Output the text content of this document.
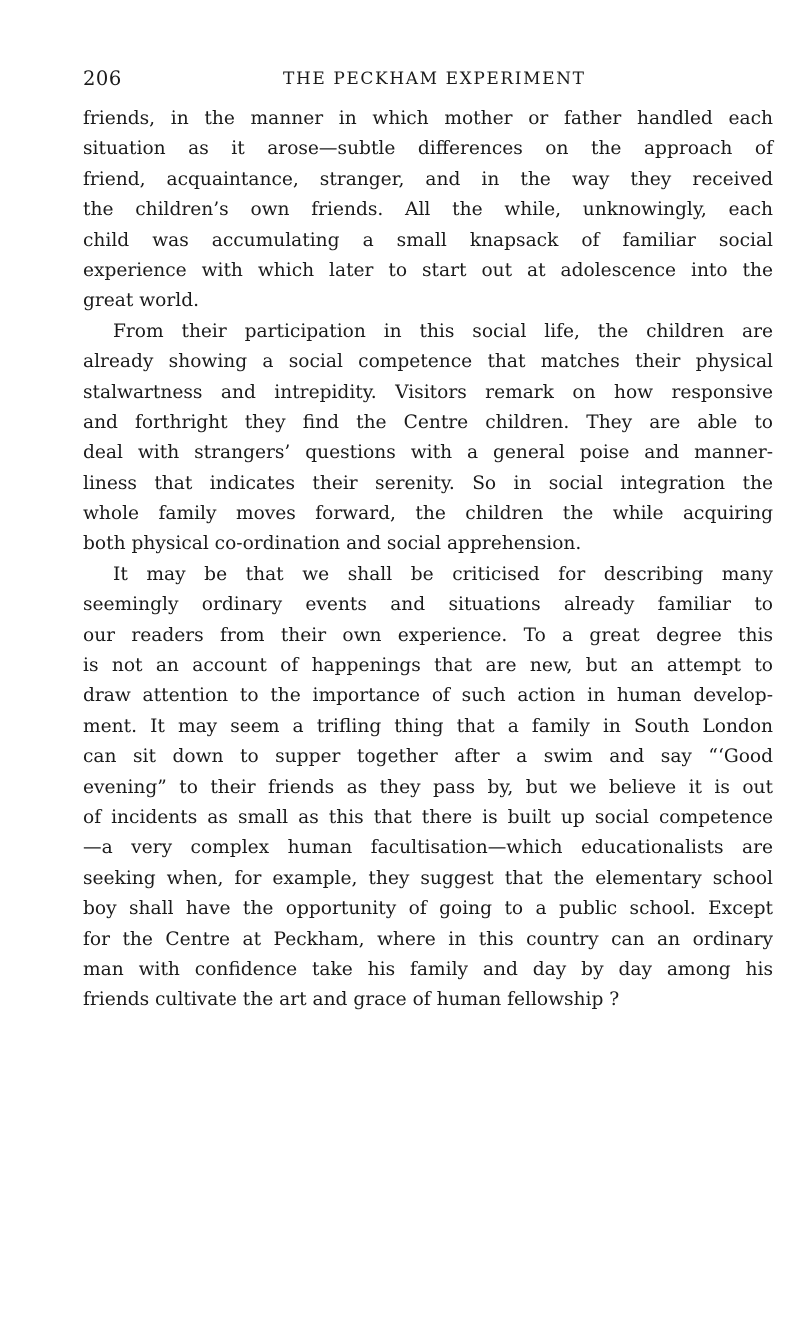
206	THE PECKHAM EXPERIMENT
friends, in the manner in which mother or father handled each
situation as it arose—subtle differences on the approach of
friend, acquaintance, stranger, and in the way they received
the children’s own friends. All the while, unknowingly, each
child was accumulating a small knapsack of familiar social
experience with which later to start out at adolescence into the
great world.
From their participation in this social life, the children are
already showing a social competence that matches their physical
stalwartness and intrepidity. Visitors remark on how responsive
and forthright they find the Centre children. They are able to
deal with strangers’ questions with a general poise and manner-
liness that indicates their serenity. So in social integration the
whole family moves forward, the children the while acquiring
both physical co-ordination and social apprehension.
It may be that we shall be criticised for describing many
seemingly ordinary events and situations already familiar to
our readers from their own experience. To a great degree this
is not an account of happenings that are new, but an attempt to
draw attention to the importance of such action in human develop-
ment. It may seem a trifling thing that a family in South London
can sit down to supper together after a swim and say “‘Good
evening” to their friends as they pass by, but we believe it is out
of incidents as small as this that there is built up social competence
—a very complex human facultisation—which educationalists are
seeking when, for example, they suggest that the elementary school
boy shall have the opportunity of going to a public school. Except
for the Centre at Peckham, where in this country can an ordinary
man with confidence take his family and day by day among his
friends cultivate the art and grace of human fellowship ?
